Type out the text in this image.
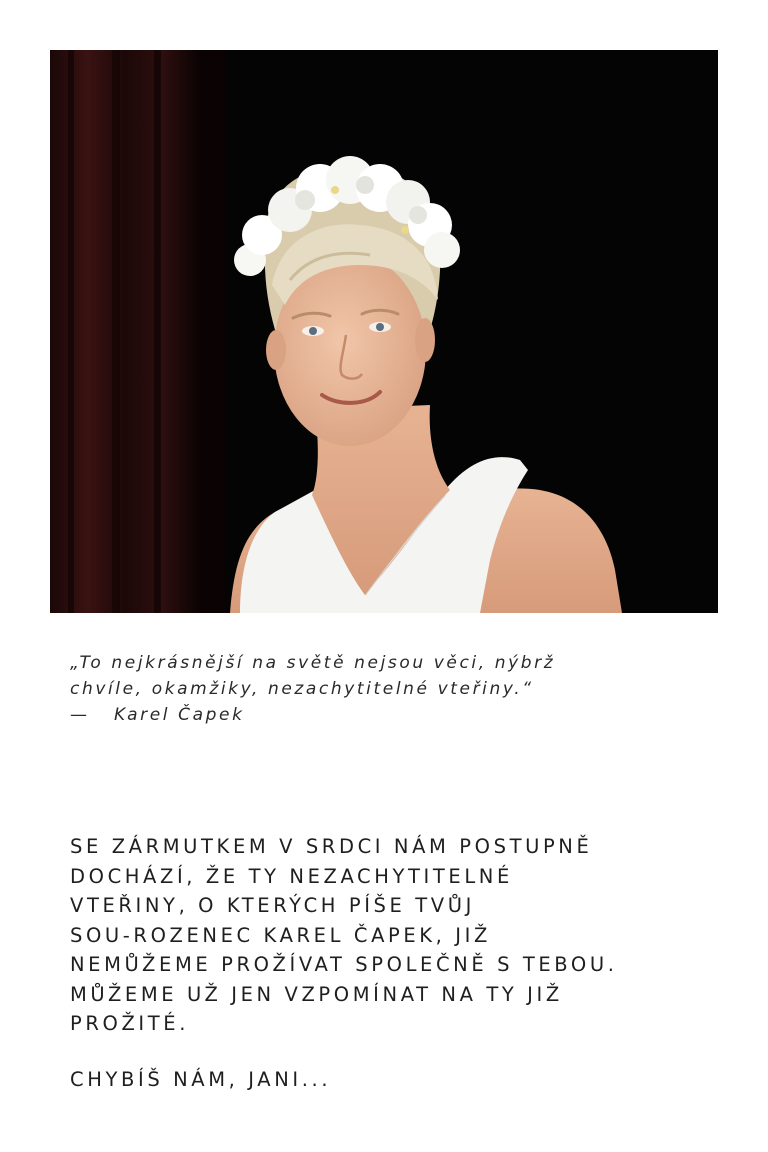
„To nejkrásnější na světě nejsou věci, nýbrž
chvíle, okamžiky, nezachytitelné vteřiny.“
— Karel Čapek
SE ZÁRMUTKEM V SRDCI NÁM POSTUPNĚ
DOCHÁZÍ, ŽE TY NEZACHYTITELNÉ
VTEŘINY, O KTERÝCH PÍŠE TVŮJ
SOU-ROZENEC KAREL ČAPEK, JIŽ
NEMŮŽEME PROŽÍVAT SPOLEČNĚ S TEBOU.
MŮŽEME UŽ JEN VZPOMÍNAT NA TY JIŽ
PROŽITÉ.
CHYBÍŠ NÁM, JANI...
